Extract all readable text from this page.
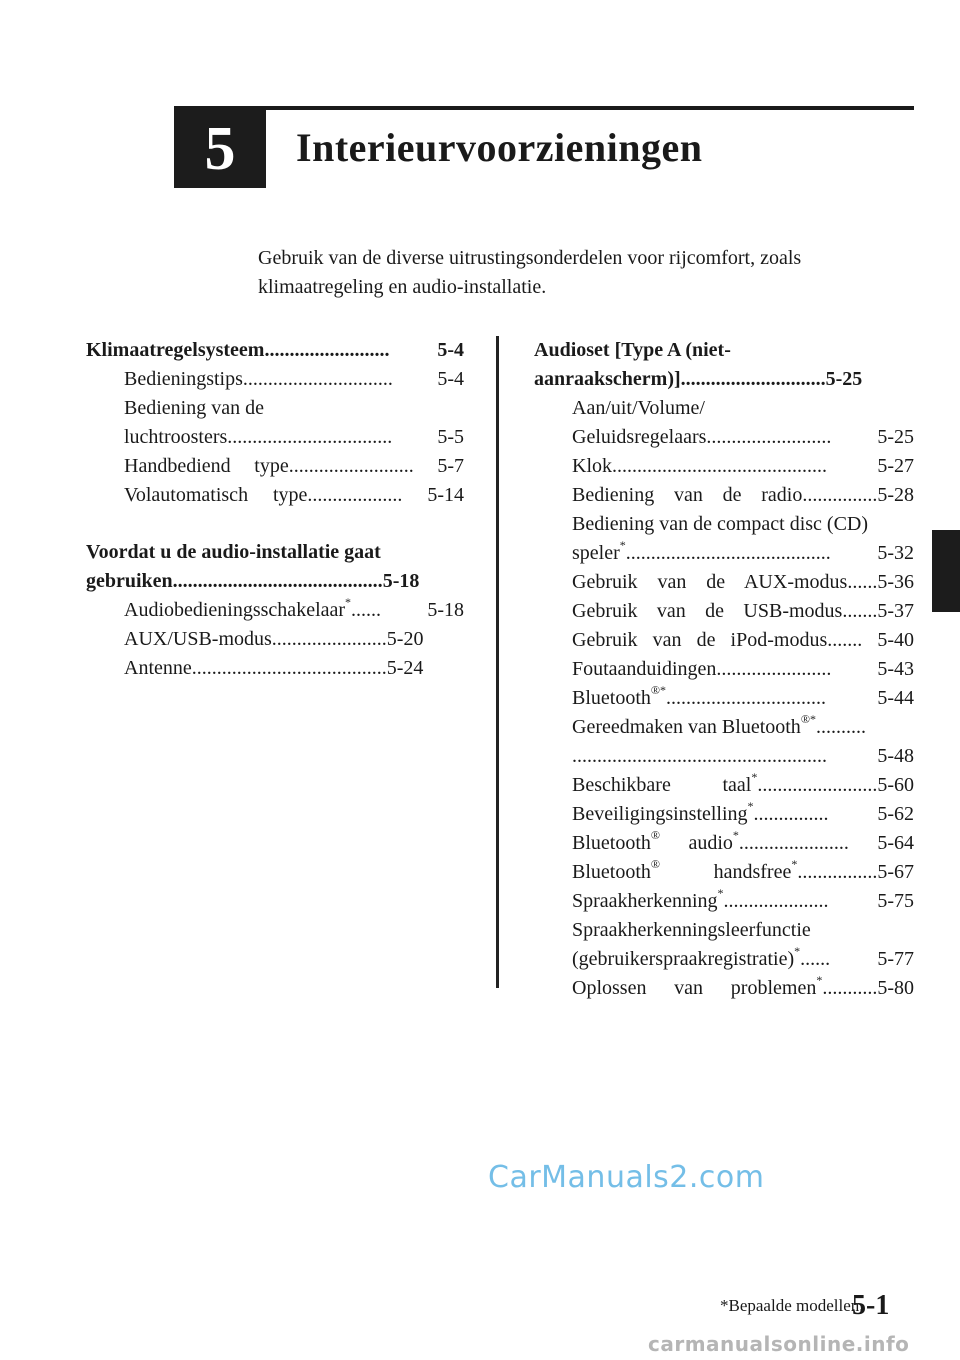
5 Interieurvoorzieningen
Gebruik van de diverse uitrustingsonderdelen voor rijcomfort, zoals klimaatregeling en audio-installatie.
Klimaatregelsysteem......................... 5-4
Bedieningstips.............................. 5-4
Bediening van de
luchtroosters................................. 5-5
Handbediend type......................... 5-7
Volautomatisch type................... 5-14
Voordat u de audio-installatie gaat
gebruiken..........................................5-18
Audiobedieningsschakelaar*...... 5-18
AUX/USB-modus.......................5-20
Antenne.......................................5-24
Audioset [Type A (niet-
aanraakscherm)].............................5-25
Aan/uit/Volume/
Geluidsregelaars......................... 5-25
Klok...........................................	5-27
Bediening van de radio...............5-28
Bediening van de compact disc (CD)
speler*......................................... 5-32
Gebruik van de AUX-modus......5-36
Gebruik van de USB-modus.......5-37
Gebruik van de iPod-modus....... 5-40
Foutaanduidingen....................... 5-43
Bluetooth®*................................	5-44
Gereedmaken van Bluetooth®*..........
...................................................	5-48
Beschikbare taal*........................5-60
Beveiligingsinstelling*............... 5-62
Bluetooth® audio*...................... 5-64
Bluetooth® handsfree*................5-67
Spraakherkenning*..................... 5-75
Spraakherkenningsleerfunctie
(gebruikerspraakregistratie)*...... 5-77
Oplossen van problemen*...........5-80
CarManuals2.com
*Bepaalde modellen.
5-1
carmanualsonline.info
